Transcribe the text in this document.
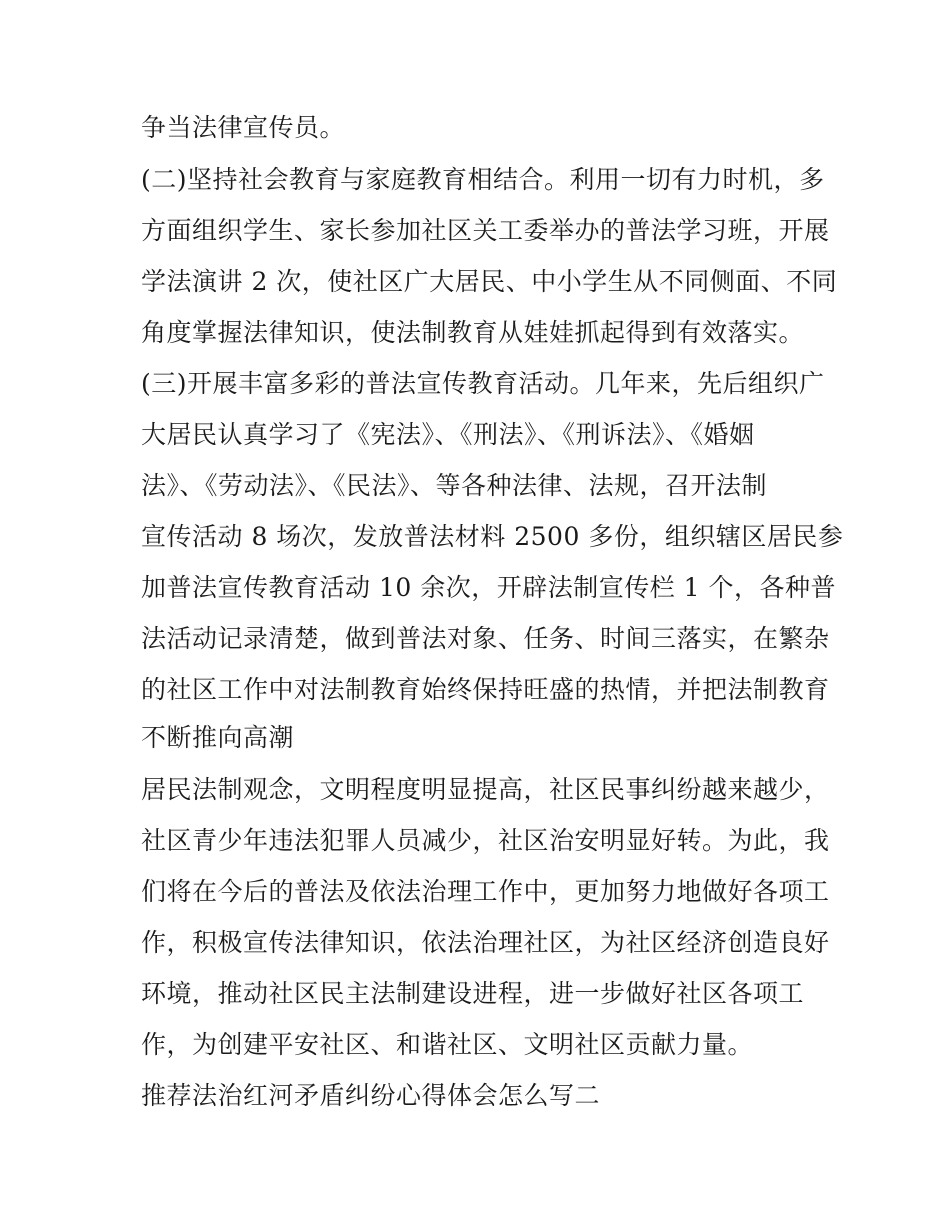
争当法律宣传员。
(二)坚持社会教育与家庭教育相结合。利用一切有力时机，多
方面组织学生、家长参加社区关工委举办的普法学习班，开展
学法演讲 2 次，使社区广大居民、中小学生从不同侧面、不同
角度掌握法律知识，使法制教育从娃娃抓起得到有效落实。
(三)开展丰富多彩的普法宣传教育活动。几年来，先后组织广
大居民认真学习了《宪法》、《刑法》、《刑诉法》、《婚姻
法》、《劳动法》、《民法》、等各种法律、法规，召开法制
宣传活动 8 场次，发放普法材料 2500 多份，组织辖区居民参
加普法宣传教育活动 10 余次，开辟法制宣传栏 1 个，各种普
法活动记录清楚，做到普法对象、任务、时间三落实，在繁杂
的社区工作中对法制教育始终保持旺盛的热情，并把法制教育
不断推向高潮
居民法制观念，文明程度明显提高，社区民事纠纷越来越少，
社区青少年违法犯罪人员减少，社区治安明显好转。为此，我
们将在今后的普法及依法治理工作中，更加努力地做好各项工
作，积极宣传法律知识，依法治理社区，为社区经济创造良好
环境，推动社区民主法制建设进程，进一步做好社区各项工
作，为创建平安社区、和谐社区、文明社区贡献力量。
推荐法治红河矛盾纠纷心得体会怎么写二
